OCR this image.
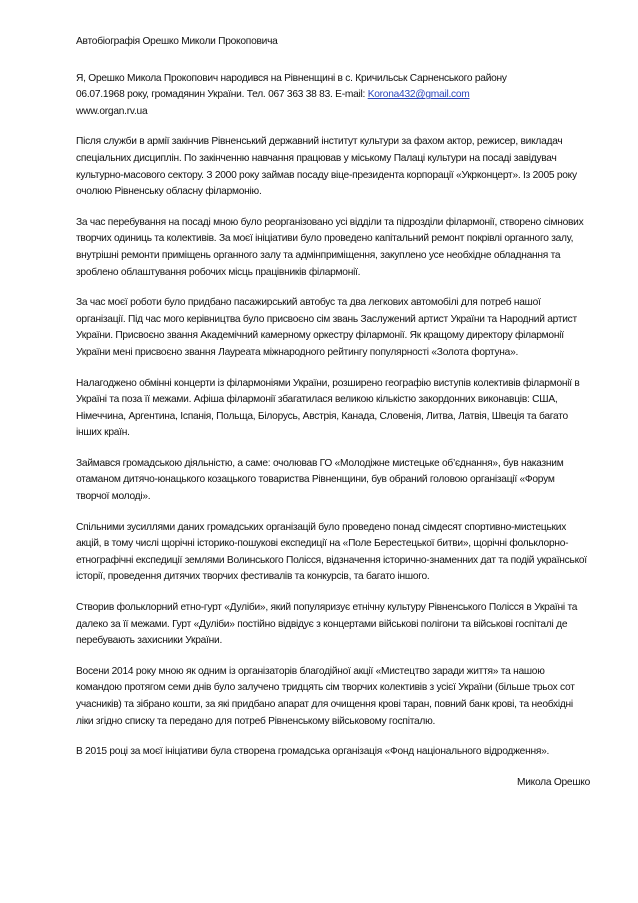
Автобіографія Орешко Миколи Прокоповича

Я, Орешко Микола Прокопович народився на Рівненщині в с. Кричильськ Сарненського району
06.07.1968 року, громадянин України. Тел. 067 363 38 83. E-mail: Korona432@gmail.com
www.organ.rv.ua

Після служби в армії закінчив Рівненський державний інститут культури за фахом актор, режисер, викладач спеціальних дисциплін. По закінченню навчання працював у міському Палаці культури на посаді завідувач культурно-масового сектору. З 2000 року займав посаду віце-президента корпорації «Укрконцерт». Із 2005 року очолюю Рівненську обласну філармонію.

За час перебування на посаді мною було реорганізовано усі відділи та підрозділи філармонії, створено сімнових творчих одиниць та колективів. За моєї ініціативи було проведено капітальний ремонт покрівлі органного залу, внутрішні ремонти приміщень органного залу та адмінприміщення, закуплено усе необхідне обладнання та зроблено облаштування робочих місць працівників філармонії.

За час моєї роботи було придбано пасажирський автобус та два легкових автомобілі для потреб нашої організації. Під час мого керівництва було присвоєно сім звань Заслужений артист України та Народний артист України. Присвоєно звання Академічний камерному оркестру філармонії. Як кращому директору філармонії України мені присвоєно звання Лауреата міжнародного рейтингу популярності «Золота фортуна».

Налагоджено обмінні концерти із філармоніями України, розширено географію виступів колективів філармонії в Україні та поза її межами. Афіша філармонії збагатилася великою кількістю закордонних виконавців: США, Німеччина, Аргентина, Іспанія, Польща, Білорусь, Австрія, Канада, Словенія, Литва, Латвія, Швеція та багато інших країн.

Займався громадською діяльністю, а саме: очолював ГО «Молодіжне мистецьке об’єднання», був наказним отаманом дитячо-юнацького козацького товариства Рівненщини, був обраний головою організації «Форум творчої молоді».

Спільними зусиллями даних громадських організацій було проведено понад сімдесят спортивно-мистецьких акцій, в тому числі щорічні історико-пошукові експедиції на «Поле Берестецької битви», щорічні фольклорно-етнографічні експедиції землями Волинського Полісся, відзначення історично-знаменних дат та подій української історії, проведення дитячих творчих фестивалів та конкурсів, та багато іншого.

Створив фольклорний етно-гурт «Дуліби», який популяризує етнічну культуру Рівненського Полісся в Україні та далеко за її межами. Гурт «Дуліби» постійно відвідує з концертами військові полігони та військові госпіталі де перебувають захисники України.

Восени 2014 року мною як одним із організаторів благодійної акції «Мистецтво заради життя» та нашою командою протягом семи днів було залучено тридцять сім творчих колективів з усієї України (більше трьох сот учасників) та зібрано кошти, за які придбано апарат для очищення крові таран, повний банк крові, та необхідні ліки згідно списку та передано для потреб Рівненському військовому госпіталю.

В 2015 році за моєї ініціативи була створена громадська організація «Фонд національного відродження».

Микола Орешко
